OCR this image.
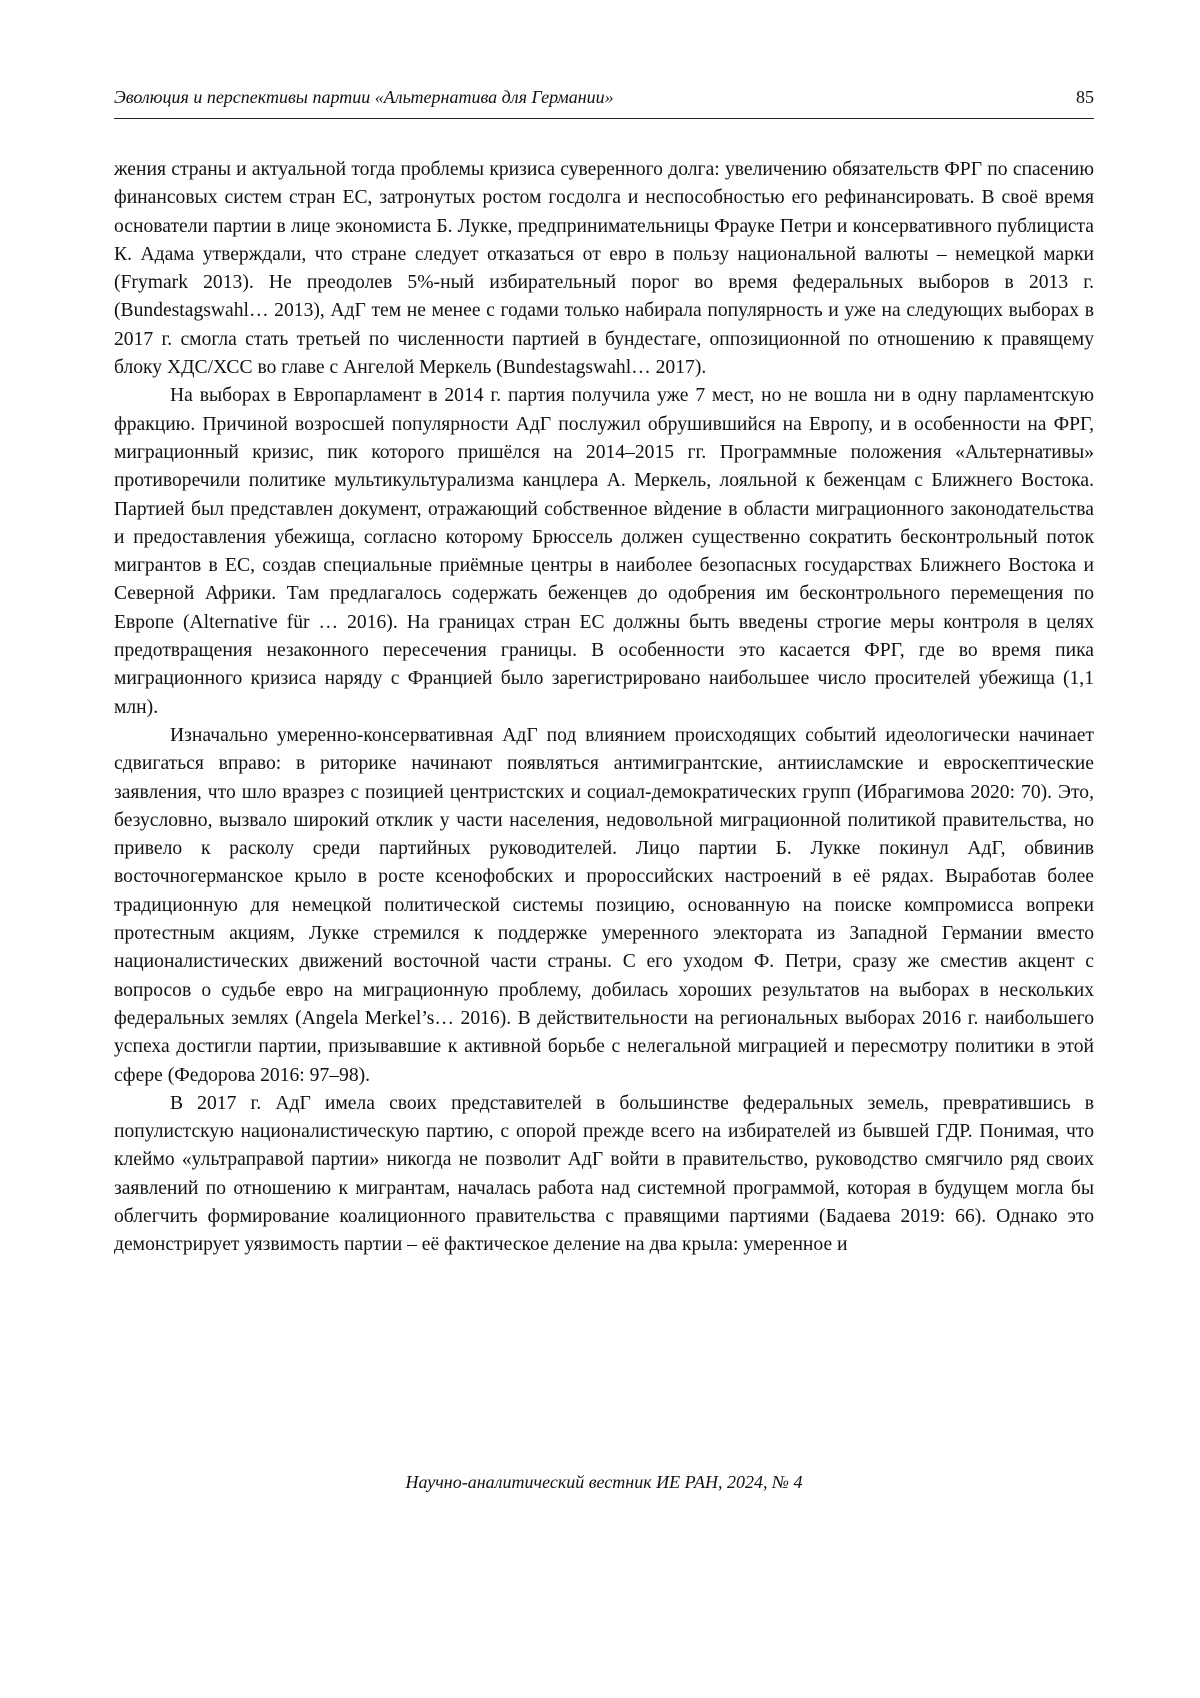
Эволюция и перспективы партии «Альтернатива для Германии»	85

жения страны и актуальной тогда проблемы кризиса суверенного долга: увеличению обязательств ФРГ по спасению финансовых систем стран ЕС, затронутых ростом госдолга и неспособностью его рефинансировать. В своё время основатели партии в лице экономиста Б. Лукке, предпринимательницы Фрауке Петри и консервативного публициста К. Адама утверждали, что стране следует отказаться от евро в пользу национальной валюты – немецкой марки (Frymark 2013). Не преодолев 5%-ный избирательный порог во время федеральных выборов в 2013 г. (Bundestagswahl… 2013), АдГ тем не менее с годами только набирала популярность и уже на следующих выборах в 2017 г. смогла стать третьей по численности партией в бундестаге, оппозиционной по отношению к правящему блоку ХДС/ХСС во главе с Ангелой Меркель (Bundestagswahl… 2017).

На выборах в Европарламент в 2014 г. партия получила уже 7 мест, но не вошла ни в одну парламентскую фракцию. Причиной возросшей популярности АдГ послужил обрушившийся на Европу, и в особенности на ФРГ, миграционный кризис, пик которого пришёлся на 2014–2015 гг. Программные положения «Альтернативы» противоречили политике мультикультурализма канцлера А. Меркель, лояльной к беженцам с Ближнего Востока. Партией был представлен документ, отражающий собственное вѝдение в области миграционного законодательства и предоставления убежища, согласно которому Брюссель должен существенно сократить бесконтрольный поток мигрантов в ЕС, создав специальные приёмные центры в наиболее безопасных государствах Ближнего Востока и Северной Африки. Там предлагалось содержать беженцев до одобрения им бесконтрольного перемещения по Европе (Alternative für … 2016). На границах стран ЕС должны быть введены строгие меры контроля в целях предотвращения незаконного пересечения границы. В особенности это касается ФРГ, где во время пика миграционного кризиса наряду с Францией было зарегистрировано наибольшее число просителей убежища (1,1 млн).

Изначально умеренно-консервативная АдГ под влиянием происходящих событий идеологически начинает сдвигаться вправо: в риторике начинают появляться антимигрантские, антиисламские и евроскептические заявления, что шло вразрез с позицией центристских и социал-демократических групп (Ибрагимова 2020: 70). Это, безусловно, вызвало широкий отклик у части населения, недовольной миграционной политикой правительства, но привело к расколу среди партийных руководителей. Лицо партии Б. Лукке покинул АдГ, обвинив восточногерманское крыло в росте ксенофобских и пророссийских настроений в её рядах. Выработав более традиционную для немецкой политической системы позицию, основанную на поиске компромисса вопреки протестным акциям, Лукке стремился к поддержке умеренного электората из Западной Германии вместо националистических движений восточной части страны. С его уходом Ф. Петри, сразу же сместив акцент с вопросов о судьбе евро на миграционную проблему, добилась хороших результатов на выборах в нескольких федеральных землях (Angela Merkel’s… 2016). В действительности на региональных выборах 2016 г. наибольшего успеха достигли партии, призывавшие к активной борьбе с нелегальной миграцией и пересмотру политики в этой сфере (Федорова 2016: 97–98).

В 2017 г. АдГ имела своих представителей в большинстве федеральных земель, превратившись в популистскую националистическую партию, с опорой прежде всего на избирателей из бывшей ГДР. Понимая, что клеймо «ультраправой партии» никогда не позволит АдГ войти в правительство, руководство смягчило ряд своих заявлений по отношению к мигрантам, началась работа над системной программой, которая в будущем могла бы облегчить формирование коалиционного правительства с правящими партиями (Бадаева 2019: 66). Однако это демонстрирует уязвимость партии – её фактическое деление на два крыла: умеренное и

Научно-аналитический вестник ИЕ РАН, 2024, № 4
